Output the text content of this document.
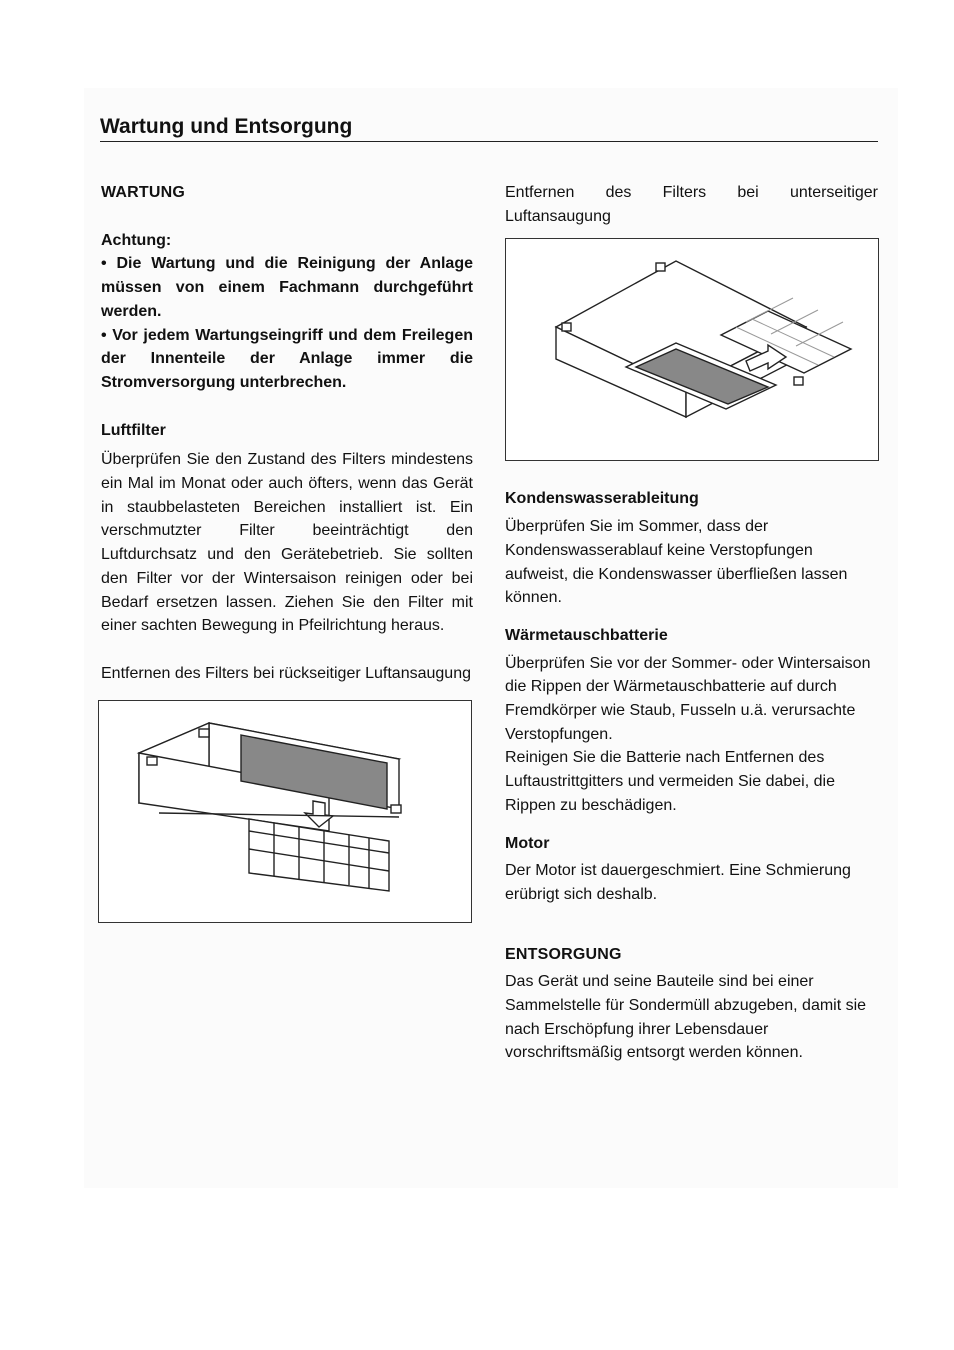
Wartung und Entsorgung

WARTUNG

Achtung:

• Die Wartung und die Reinigung der Anlage müssen von einem Fachmann durchgeführt werden.

• Vor jedem Wartungseingriff und dem Freilegen der Innenteile der Anlage immer die Stromversorgung unterbrechen.

Luftfilter

Überprüfen Sie den Zustand des Filters mindestens ein Mal im Monat oder auch öfters, wenn das Gerät in staubbelasteten Bereichen installiert ist. Ein verschmutzter Filter beeinträchtigt den Luftdurchsatz und den Gerätebetrieb. Sie sollten den Filter vor der Wintersaison reinigen oder bei Bedarf ersetzen lassen. Ziehen Sie den Filter mit einer sachten Bewegung in Pfeilrichtung heraus.

Entfernen des Filters bei rückseitiger Luftansaugung

Entfernen des Filters bei unterseitiger Luftansaugung

Kondenswasserableitung

Überprüfen Sie im Sommer, dass der Kondenswasserablauf keine Verstopfungen aufweist, die Kondenswasser überfließen lassen können.

Wärmetauschbatterie

Überprüfen Sie vor der Sommer- oder Wintersaison die Rippen der Wärmetauschbatterie auf durch Fremdkörper wie Staub, Fusseln u.ä. verursachte Verstopfungen.

Reinigen Sie die Batterie nach Entfernen des Luftaustrittgitters und vermeiden Sie dabei, die Rippen zu beschädigen.

Motor

Der Motor ist dauergeschmiert. Eine Schmierung erübrigt sich deshalb.

ENTSORGUNG

Das Gerät und seine Bauteile sind bei einer Sammelstelle für Sondermüll abzugeben, damit sie nach Erschöpfung ihrer Lebensdauer vorschriftsmäßig entsorgt werden können.
